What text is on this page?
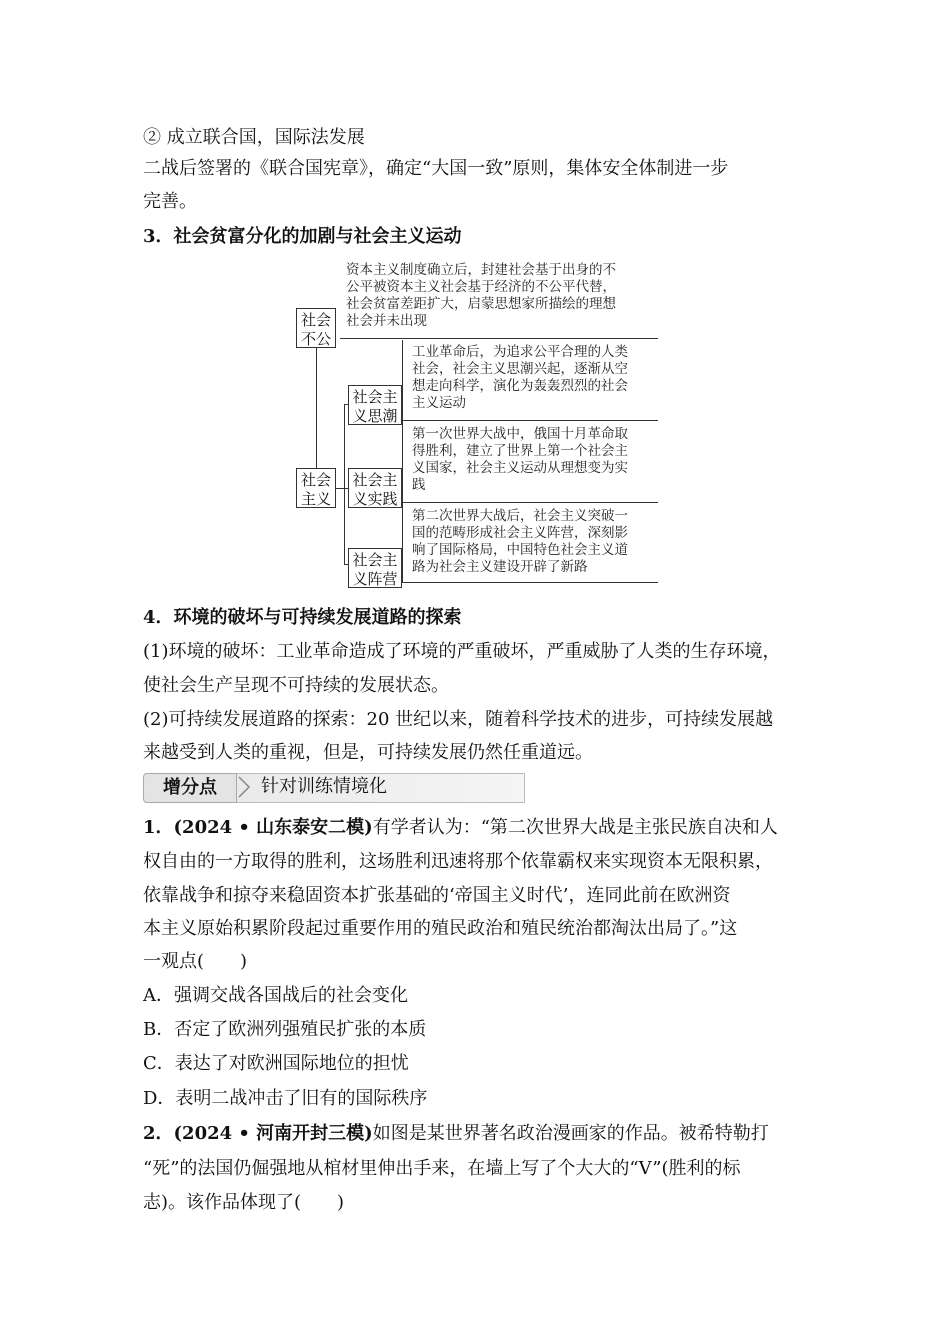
② 成立联合国，国际法发展
二战后签署的《联合国宪章》，确定“大国一致”原则，集体安全体制进一步
完善。
3．社会贫富分化的加剧与社会主义运动
资本主义制度确立后，封建社会基于出身的不
公平被资本主义社会基于经济的不公平代替，
社会贫富差距扩大，启蒙思想家所描绘的理想
社会并未出现
社会
不公
社会
主义
社会主
义思潮
工业革命后，为追求公平合理的人类
社会，社会主义思潮兴起，逐渐从空
想走向科学，演化为轰轰烈烈的社会
主义运动
社会主
义实践
第一次世界大战中，俄国十月革命取
得胜利，建立了世界上第一个社会主
义国家，社会主义运动从理想变为实
践
社会主
义阵营
第二次世界大战后，社会主义突破一
国的范畴形成社会主义阵营，深刻影
响了国际格局，中国特色社会主义道
路为社会主义建设开辟了新路
4．环境的破坏与可持续发展道路的探索
(1)环境的破坏：工业革命造成了环境的严重破坏，严重威胁了人类的生存环境，
使社会生产呈现不可持续的发展状态。
(2)可持续发展道路的探索：20 世纪以来，随着科学技术的进步，可持续发展越
来越受到人类的重视，但是，可持续发展仍然任重道远。
增分点	针对训练情境化
1．(2024 • 山东泰安二模)有学者认为：“第二次世界大战是主张民族自决和人
权自由的一方取得的胜利，这场胜利迅速将那个依靠霸权来实现资本无限积累，
依靠战争和掠夺来稳固资本扩张基础的‘帝国主义时代’，连同此前在欧洲资
本主义原始积累阶段起过重要作用的殖民政治和殖民统治都淘汰出局了。”这
一观点(　　)
A．强调交战各国战后的社会变化
B．否定了欧洲列强殖民扩张的本质
C．表达了对欧洲国际地位的担忧
D．表明二战冲击了旧有的国际秩序
2．(2024 • 河南开封三模)如图是某世界著名政治漫画家的作品。被希特勒打
“死”的法国仍倔强地从棺材里伸出手来，在墙上写了个大大的“V”(胜利的标
志)。该作品体现了(　　)
